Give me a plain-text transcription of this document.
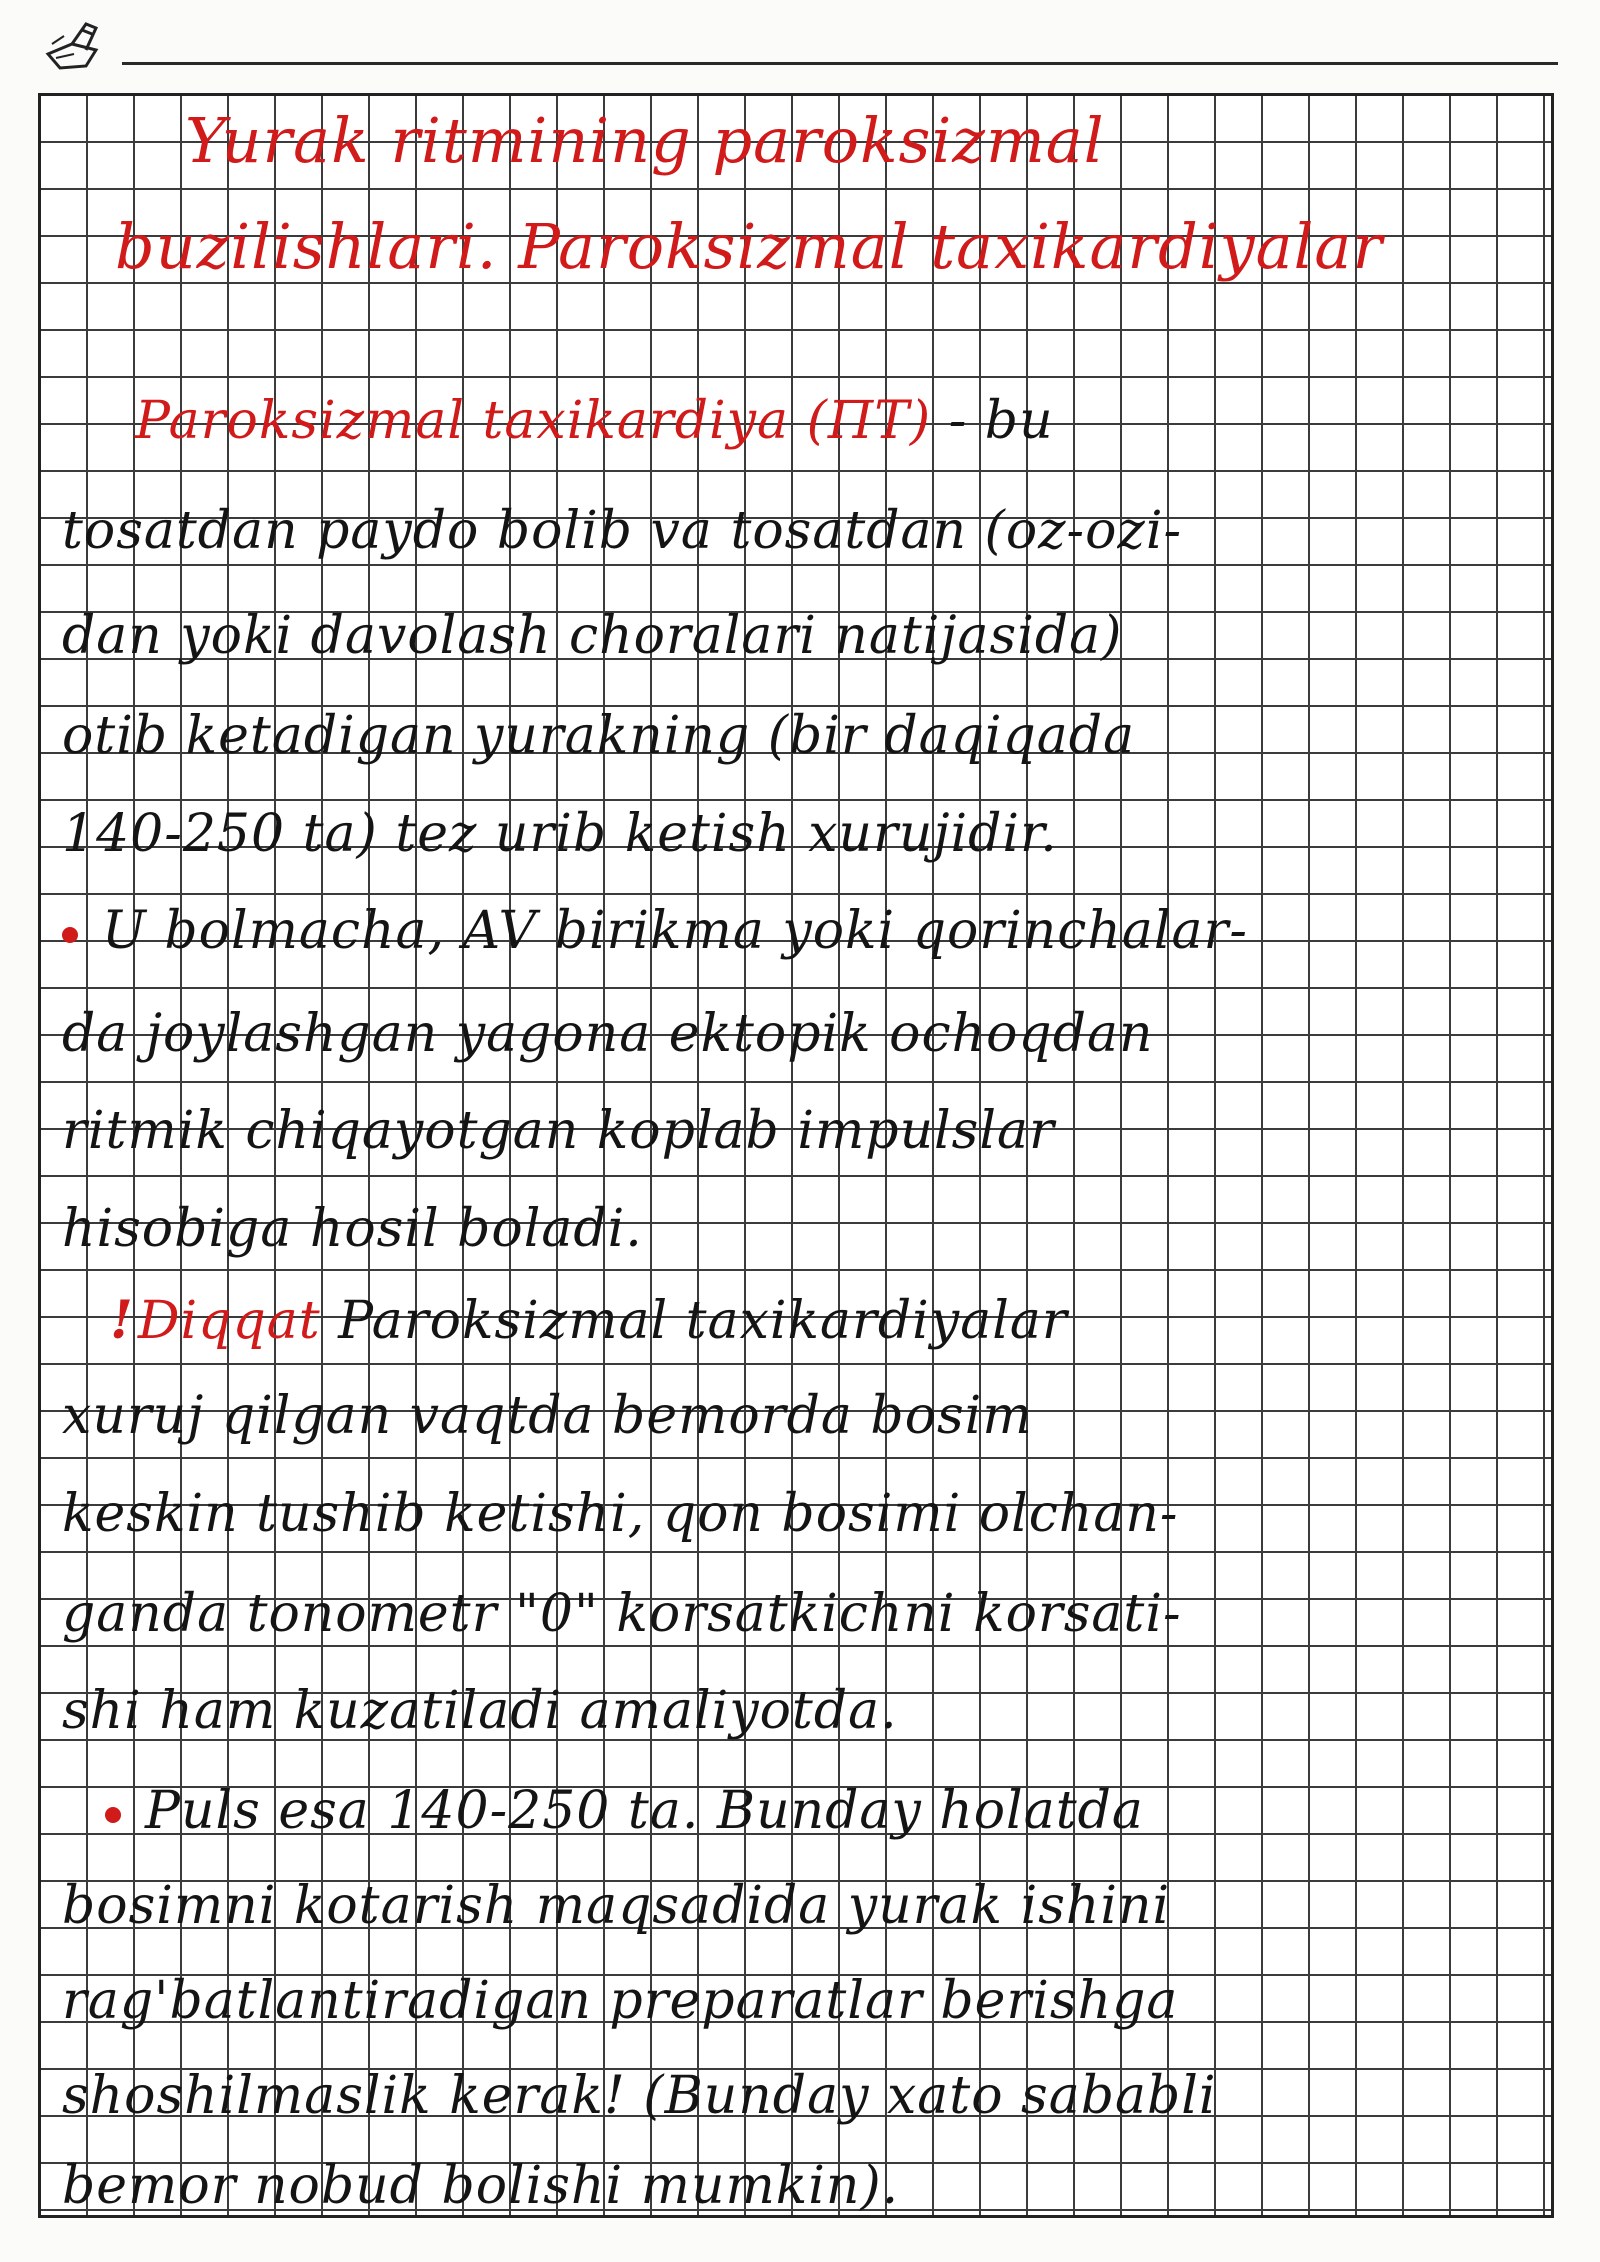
Yurak ritmining paroksizmal

buzilishlari. Paroksizmal taxikardiyalar

Paroksizmal taxikardiya (ПТ) - bu

tosatdan paydo bolib va tosatdan (oz-ozi-

dan yoki davolash choralari natijasida)

otib ketadigan yurakning (bir daqiqada

140-250 ta) tez urib ketish xurujidir.

U bolmacha, AV birikma yoki qorinchalar-

da joylashgan yagona ektopik ochoqdan

ritmik chiqayotgan koplab impulslar

hisobiga hosil boladi.

!Diqqat Paroksizmal taxikardiyalar

xuruj qilgan vaqtda bemorda bosim

keskin tushib ketishi, qon bosimi olchan-

ganda tonometr "0" korsatkichni korsati-

shi ham kuzatiladi amaliyotda.

Puls esa 140-250 ta. Bunday holatda

bosimni kotarish maqsadida yurak ishini

rag'batlantiradigan preparatlar berishga

shoshilmaslik kerak! (Bunday xato sababli

bemor nobud bolishi mumkin).
